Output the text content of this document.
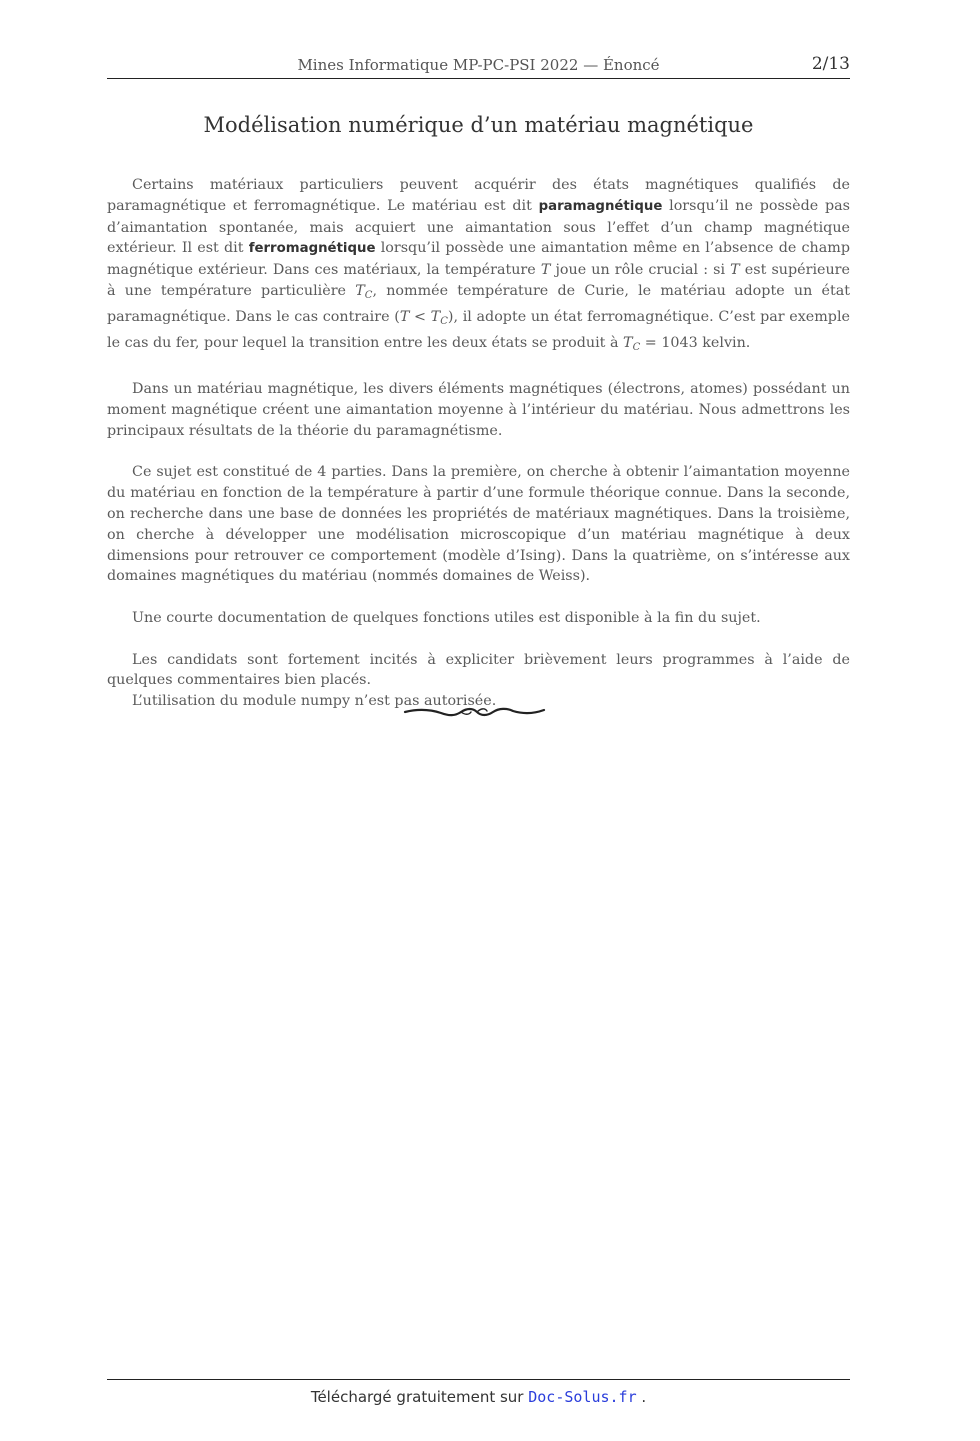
Mines Informatique MP-PC-PSI 2022 — Énoncé	2/13
Modélisation numérique d’un matériau magnétique

Certains matériaux particuliers peuvent acquérir des états magnétiques qualifiés de paramagnétique et ferromagnétique. Le matériau est dit paramagnétique lorsqu’il ne possède pas d’aimantation spontanée, mais acquiert une aimantation sous l’effet d’un champ magnétique extérieur. Il est dit ferromagnétique lorsqu’il possède une aimantation même en l’absence de champ magnétique extérieur. Dans ces matériaux, la température T joue un rôle crucial : si T est supérieure à une température particulière $T_C$, nommée température de Curie, le matériau adopte un état paramagnétique. Dans le cas contraire $(T < T_C)$, il adopte un état ferromagnétique. C’est par exemple le cas du fer, pour lequel la transition entre les deux états se produit à $T_C = 1043$ kelvin.

Dans un matériau magnétique, les divers éléments magnétiques (électrons, atomes) possédant un moment magnétique créent une aimantation moyenne à l’intérieur du matériau. Nous admettrons les principaux résultats de la théorie du paramagnétisme.

Ce sujet est constitué de 4 parties. Dans la première, on cherche à obtenir l’aimantation moyenne du matériau en fonction de la température à partir d’une formule théorique connue. Dans la seconde, on recherche dans une base de données les propriétés de matériaux magnétiques. Dans la troisième, on cherche à développer une modélisation microscopique d’un matériau magnétique à deux dimensions pour retrouver ce comportement (modèle d’Ising). Dans la quatrième, on s’intéresse aux domaines magnétiques du matériau (nommés domaines de Weiss).

Une courte documentation de quelques fonctions utiles est disponible à la fin du sujet.

Les candidats sont fortement incités à expliciter brièvement leurs programmes à l’aide de quelques commentaires bien placés.

L’utilisation du module numpy n’est pas autorisée.

Téléchargé gratuitement sur Doc-Solus.fr .
